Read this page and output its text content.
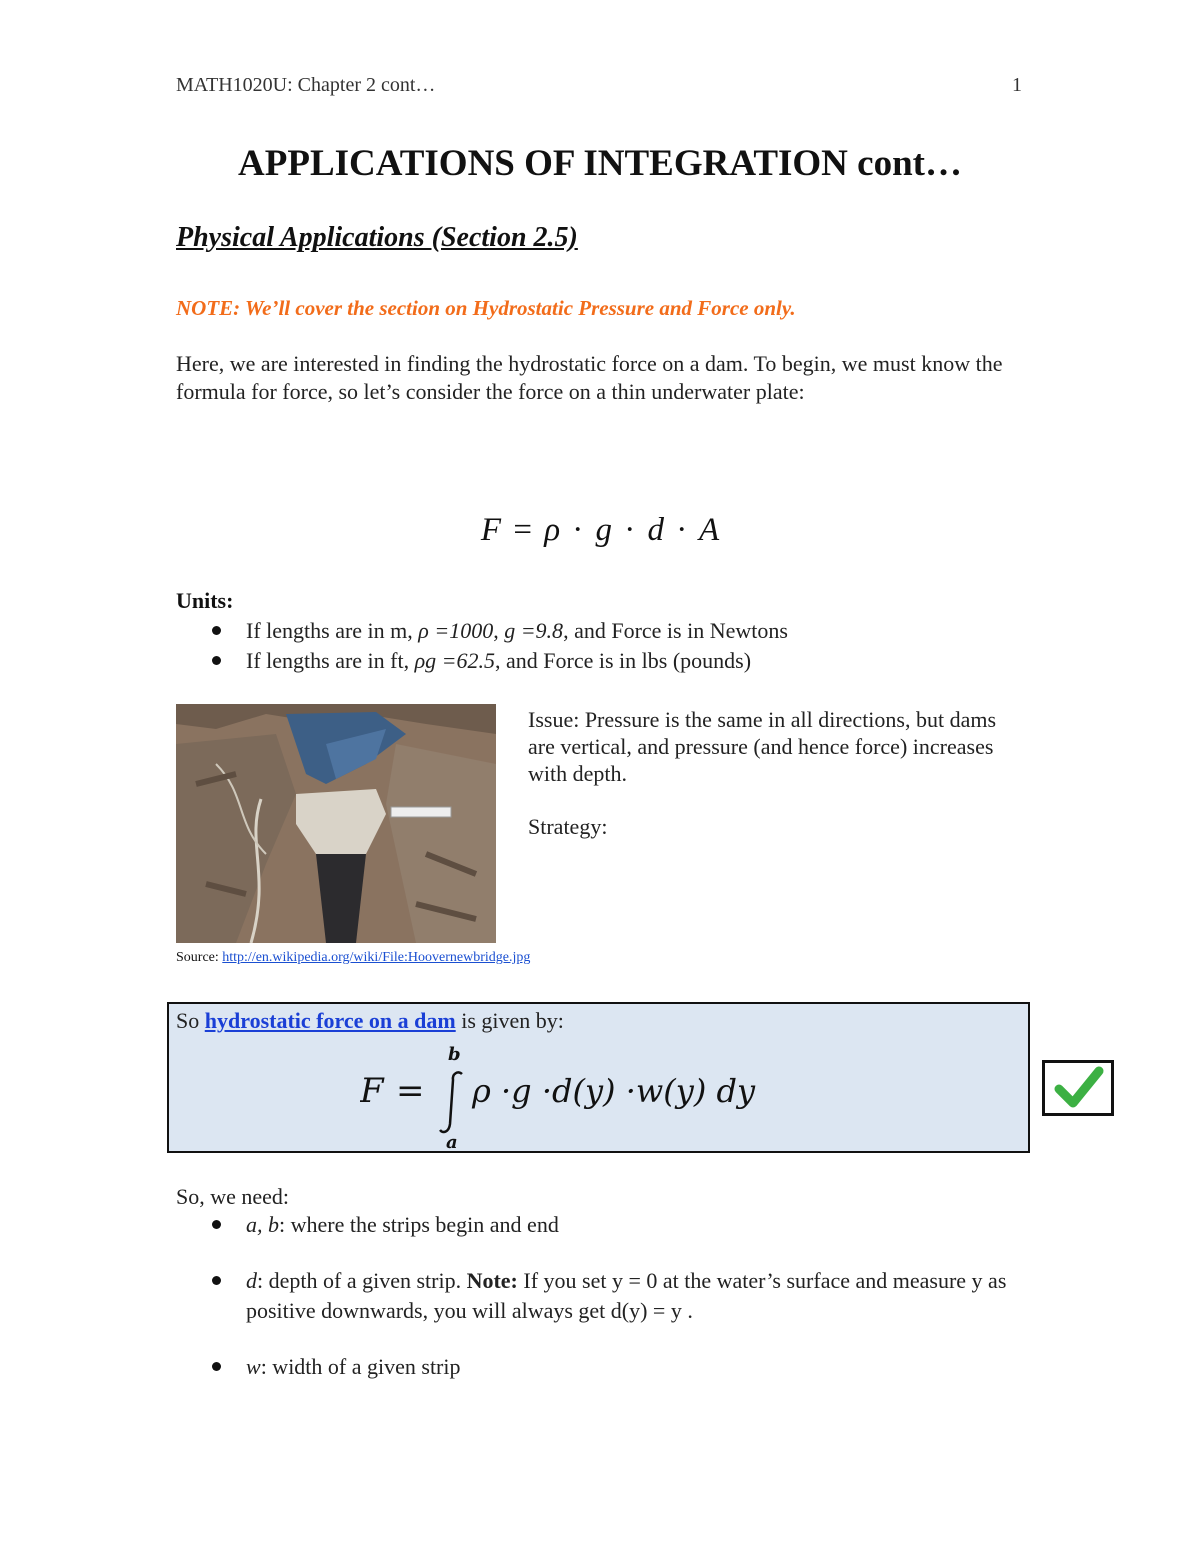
MATH1020U: Chapter 2 cont…	1
APPLICATIONS OF INTEGRATION cont…
Physical Applications (Section 2.5)
NOTE: We’ll cover the section on Hydrostatic Pressure and Force only.
Here, we are interested in finding the hydrostatic force on a dam. To begin, we must know the formula for force, so let’s consider the force on a thin underwater plate:
F = ρ · g · d · A
Units:
If lengths are in m, ρ =1000, g =9.8, and Force is in Newtons
If lengths are in ft, ρg =62.5, and Force is in lbs (pounds)
Issue: Pressure is the same in all directions, but dams are vertical, and pressure (and hence force) increases with depth.
Strategy:
Source: http://en.wikipedia.org/wiki/File:Hoovernewbridge.jpg
So hydrostatic force on a dam is given by:
F =
b
a
ρ ·g ·d(y) ·w(y) dy
So, we need:
a, b: where the strips begin and end
d: depth of a given strip. Note: If you set y = 0 at the water’s surface and measure y as positive downwards, you will always get d(y) = y .
w: width of a given strip
